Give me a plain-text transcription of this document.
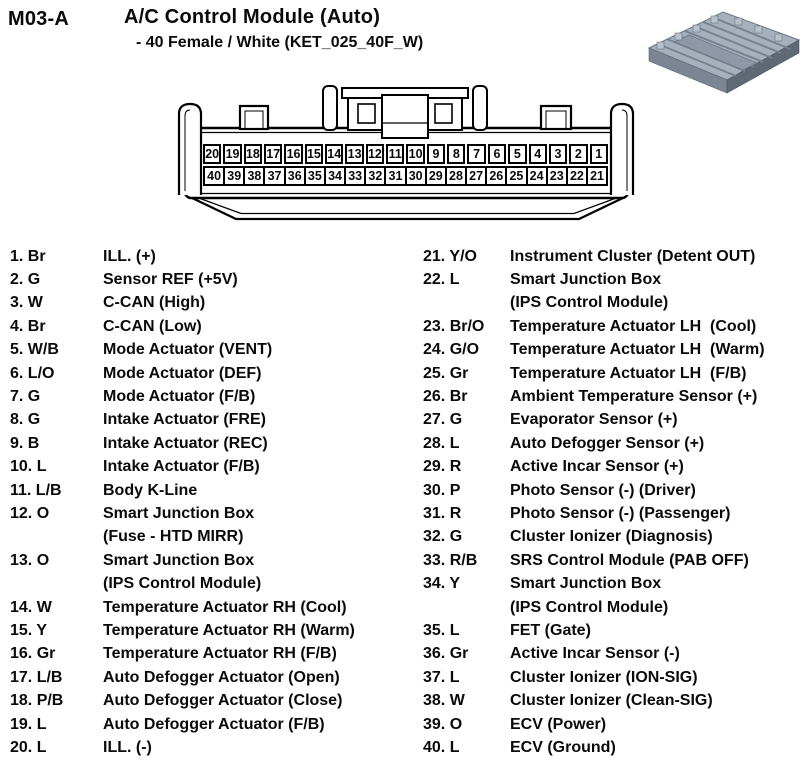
M03-A	A/C Control Module (Auto)
- 40 Female / White (KET_025_40F_W)
20 19 18 17 16 15 14 13 12 11 10 9	8	7	6	5	4	3	2	1
40 39 38 37 36 35 34 33 32 31 30 29 28 27 26 25 24 23 22 21
1. Br	ILL. (+)
2. G	Sensor REF (+5V)
3. W	C-CAN (High)
4. Br	C-CAN (Low)
5. W/B	Mode Actuator (VENT)
6. L/O	Mode Actuator (DEF)
7. G	Mode Actuator (F/B)
8. G	Intake Actuator (FRE)
9. B	Intake Actuator (REC)
10. L	Intake Actuator (F/B)
11. L/B	Body K-Line
12. O	Smart Junction Box
(Fuse - HTD MIRR)
13. O	Smart Junction Box
(IPS Control Module)
14. W	Temperature Actuator RH (Cool)
15. Y	Temperature Actuator RH (Warm)
16. Gr	Temperature Actuator RH (F/B)
17. L/B	Auto Defogger Actuator (Open)
18. P/B	Auto Defogger Actuator (Close)
19. L	Auto Defogger Actuator (F/B)
20. L	ILL. (-)
21. Y/O	Instrument Cluster (Detent OUT)
22. L	Smart Junction Box
(IPS Control Module)
23. Br/O	Temperature Actuator LH  (Cool)
24. G/O	Temperature Actuator LH  (Warm)
25. Gr	Temperature Actuator LH  (F/B)
26. Br	Ambient Temperature Sensor (+)
27. G	Evaporator Sensor (+)
28. L	Auto Defogger Sensor (+)
29. R	Active Incar Sensor (+)
30. P	Photo Sensor (-) (Driver)
31. R	Photo Sensor (-) (Passenger)
32. G	Cluster Ionizer (Diagnosis)
33. R/B	SRS Control Module (PAB OFF)
34. Y	Smart Junction Box
(IPS Control Module)
35. L	FET (Gate)
36. Gr	Active Incar Sensor (-)
37. L	Cluster Ionizer (ION-SIG)
38. W	Cluster Ionizer (Clean-SIG)
39. O	ECV (Power)
40. L	ECV (Ground)
